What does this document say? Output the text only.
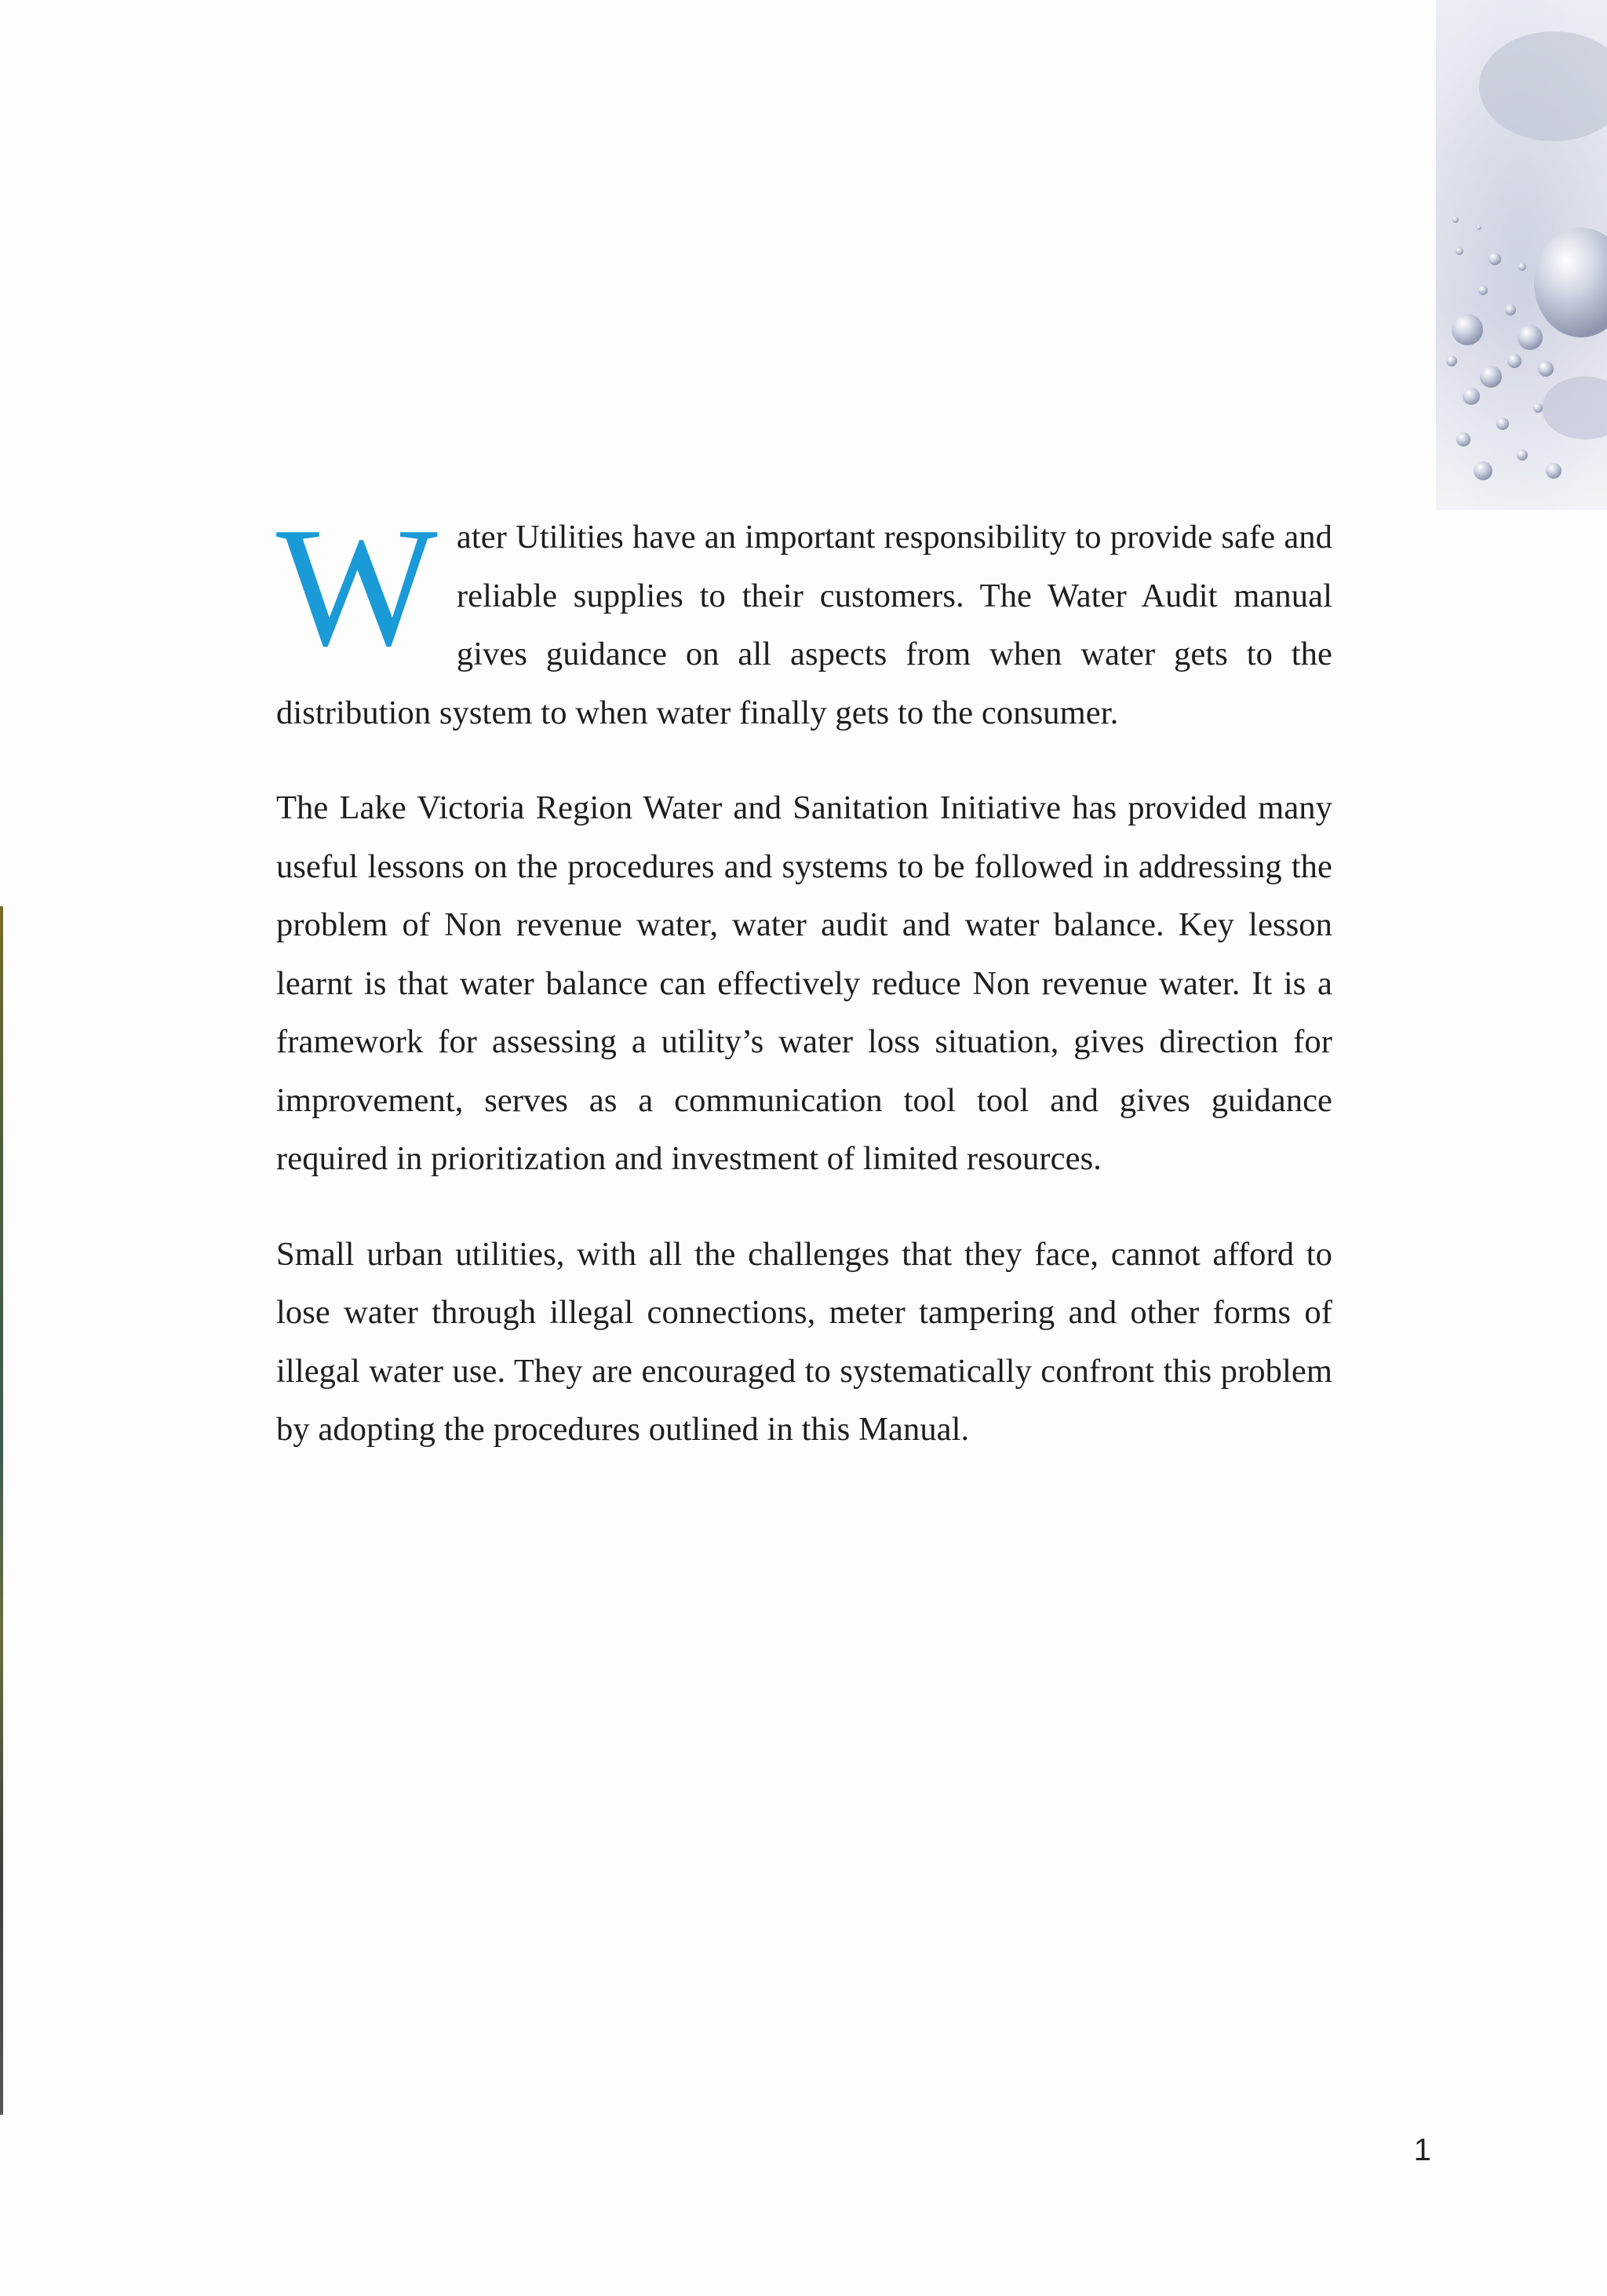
Water Utilities have an important responsibility to provide safe and reliable supplies to their customers. The Water Audit manual gives guidance on all aspects from when water gets to the distribution system to when water finally gets to the consumer.

The Lake Victoria Region Water and Sanitation Initiative has provided many useful lessons on the procedures and systems to be followed in addressing the problem of Non revenue water, water audit and water balance. Key lesson learnt is that water balance can effectively reduce Non revenue water. It is a framework for assessing a utility’s water loss situation, gives direction for improvement, serves as a communication tool tool and gives guidance required in prioritization and investment of limited resources.

Small urban utilities, with all the challenges that they face, cannot afford to lose water through illegal connections, meter tampering and other forms of illegal water use. They are encouraged to systematically confront this problem by adopting the procedures outlined in this Manual.

1
